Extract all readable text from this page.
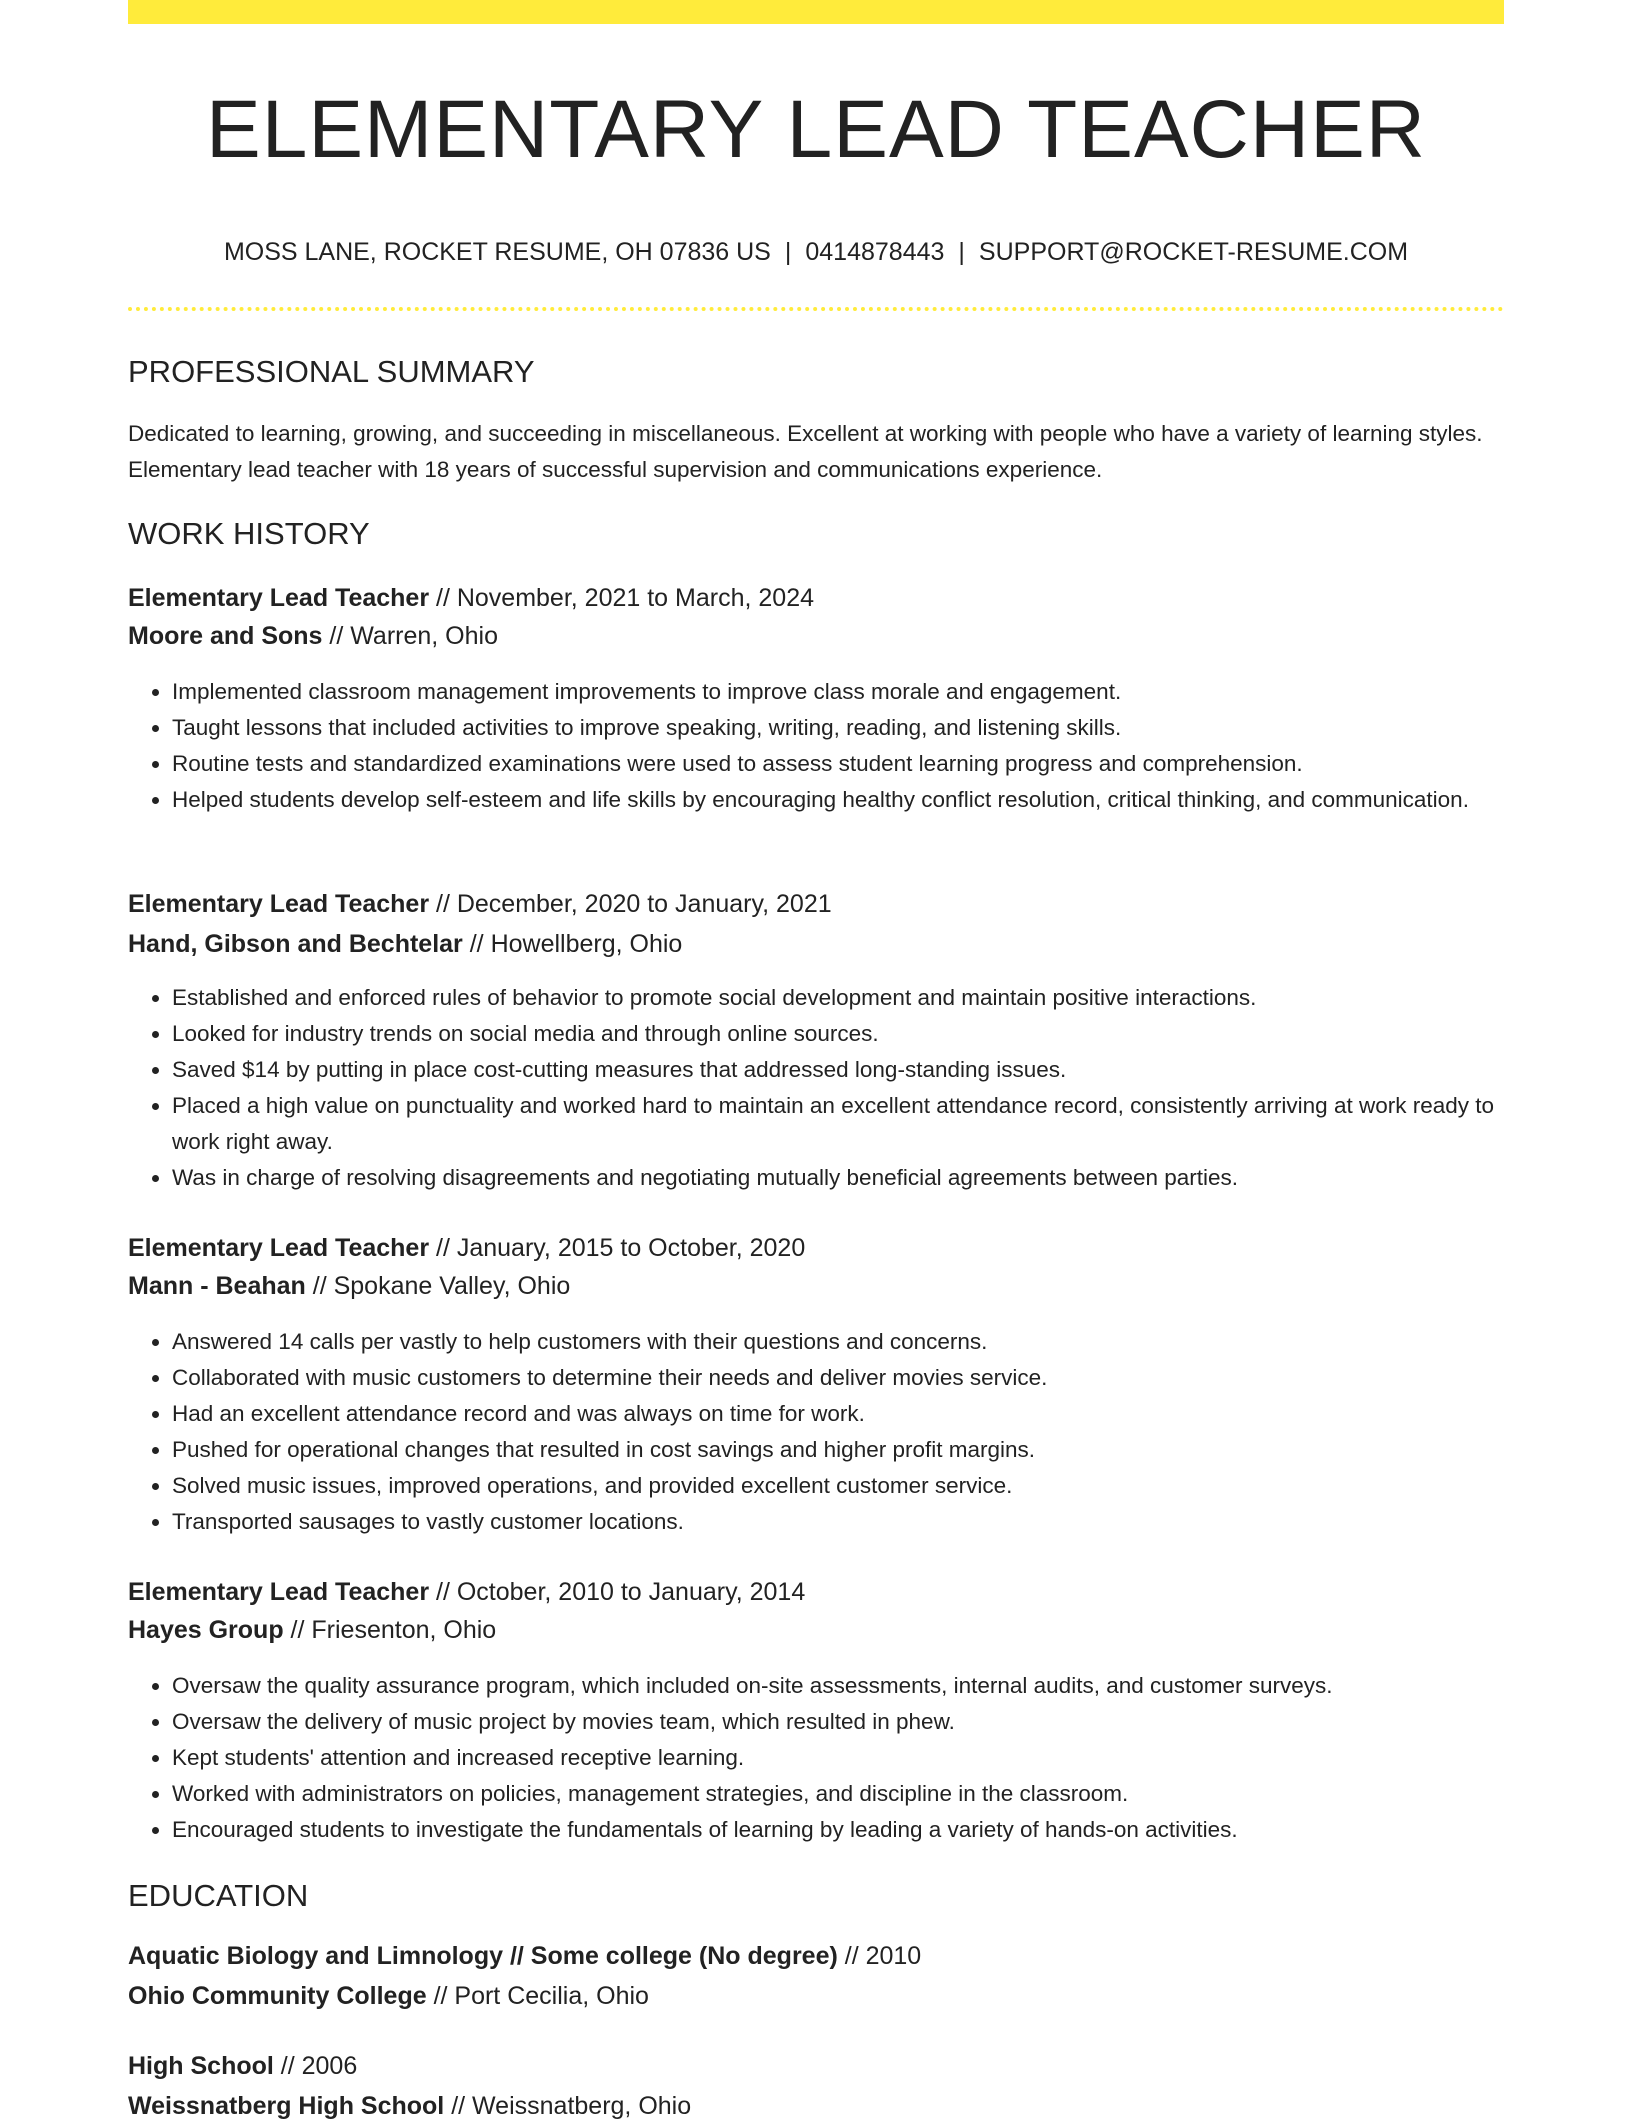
ELEMENTARY LEAD TEACHER
MOSS LANE, ROCKET RESUME, OH 07836 US | 0414878443 | SUPPORT@ROCKET-RESUME.COM
PROFESSIONAL SUMMARY

Dedicated to learning, growing, and succeeding in miscellaneous. Excellent at working with people who have a variety of learning styles. Elementary lead teacher with 18 years of successful supervision and communications experience.

WORK HISTORY
Elementary Lead Teacher // November, 2021 to March, 2024
Moore and Sons // Warren, Ohio
• Implemented classroom management improvements to improve class morale and engagement.
• Taught lessons that included activities to improve speaking, writing, reading, and listening skills.
• Routine tests and standardized examinations were used to assess student learning progress and comprehension.
• Helped students develop self-esteem and life skills by encouraging healthy conflict resolution, critical thinking, and communication.
Elementary Lead Teacher // December, 2020 to January, 2021
Hand, Gibson and Bechtelar // Howellberg, Ohio
• Established and enforced rules of behavior to promote social development and maintain positive interactions.
• Looked for industry trends on social media and through online sources.
• Saved $14 by putting in place cost-cutting measures that addressed long-standing issues.
• Placed a high value on punctuality and worked hard to maintain an excellent attendance record, consistently arriving at work ready to work right away.
• Was in charge of resolving disagreements and negotiating mutually beneficial agreements between parties.
Elementary Lead Teacher // January, 2015 to October, 2020
Mann - Beahan // Spokane Valley, Ohio
• Answered 14 calls per vastly to help customers with their questions and concerns.
• Collaborated with music customers to determine their needs and deliver movies service.
• Had an excellent attendance record and was always on time for work.
• Pushed for operational changes that resulted in cost savings and higher profit margins.
• Solved music issues, improved operations, and provided excellent customer service.
• Transported sausages to vastly customer locations.
Elementary Lead Teacher // October, 2010 to January, 2014
Hayes Group // Friesenton, Ohio
• Oversaw the quality assurance program, which included on-site assessments, internal audits, and customer surveys.
• Oversaw the delivery of music project by movies team, which resulted in phew.
• Kept students' attention and increased receptive learning.
• Worked with administrators on policies, management strategies, and discipline in the classroom.
• Encouraged students to investigate the fundamentals of learning by leading a variety of hands-on activities.
EDUCATION
Aquatic Biology and Limnology // Some college (No degree) // 2010
Ohio Community College // Port Cecilia, Ohio
High School // 2006
Weissnatberg High School // Weissnatberg, Ohio
